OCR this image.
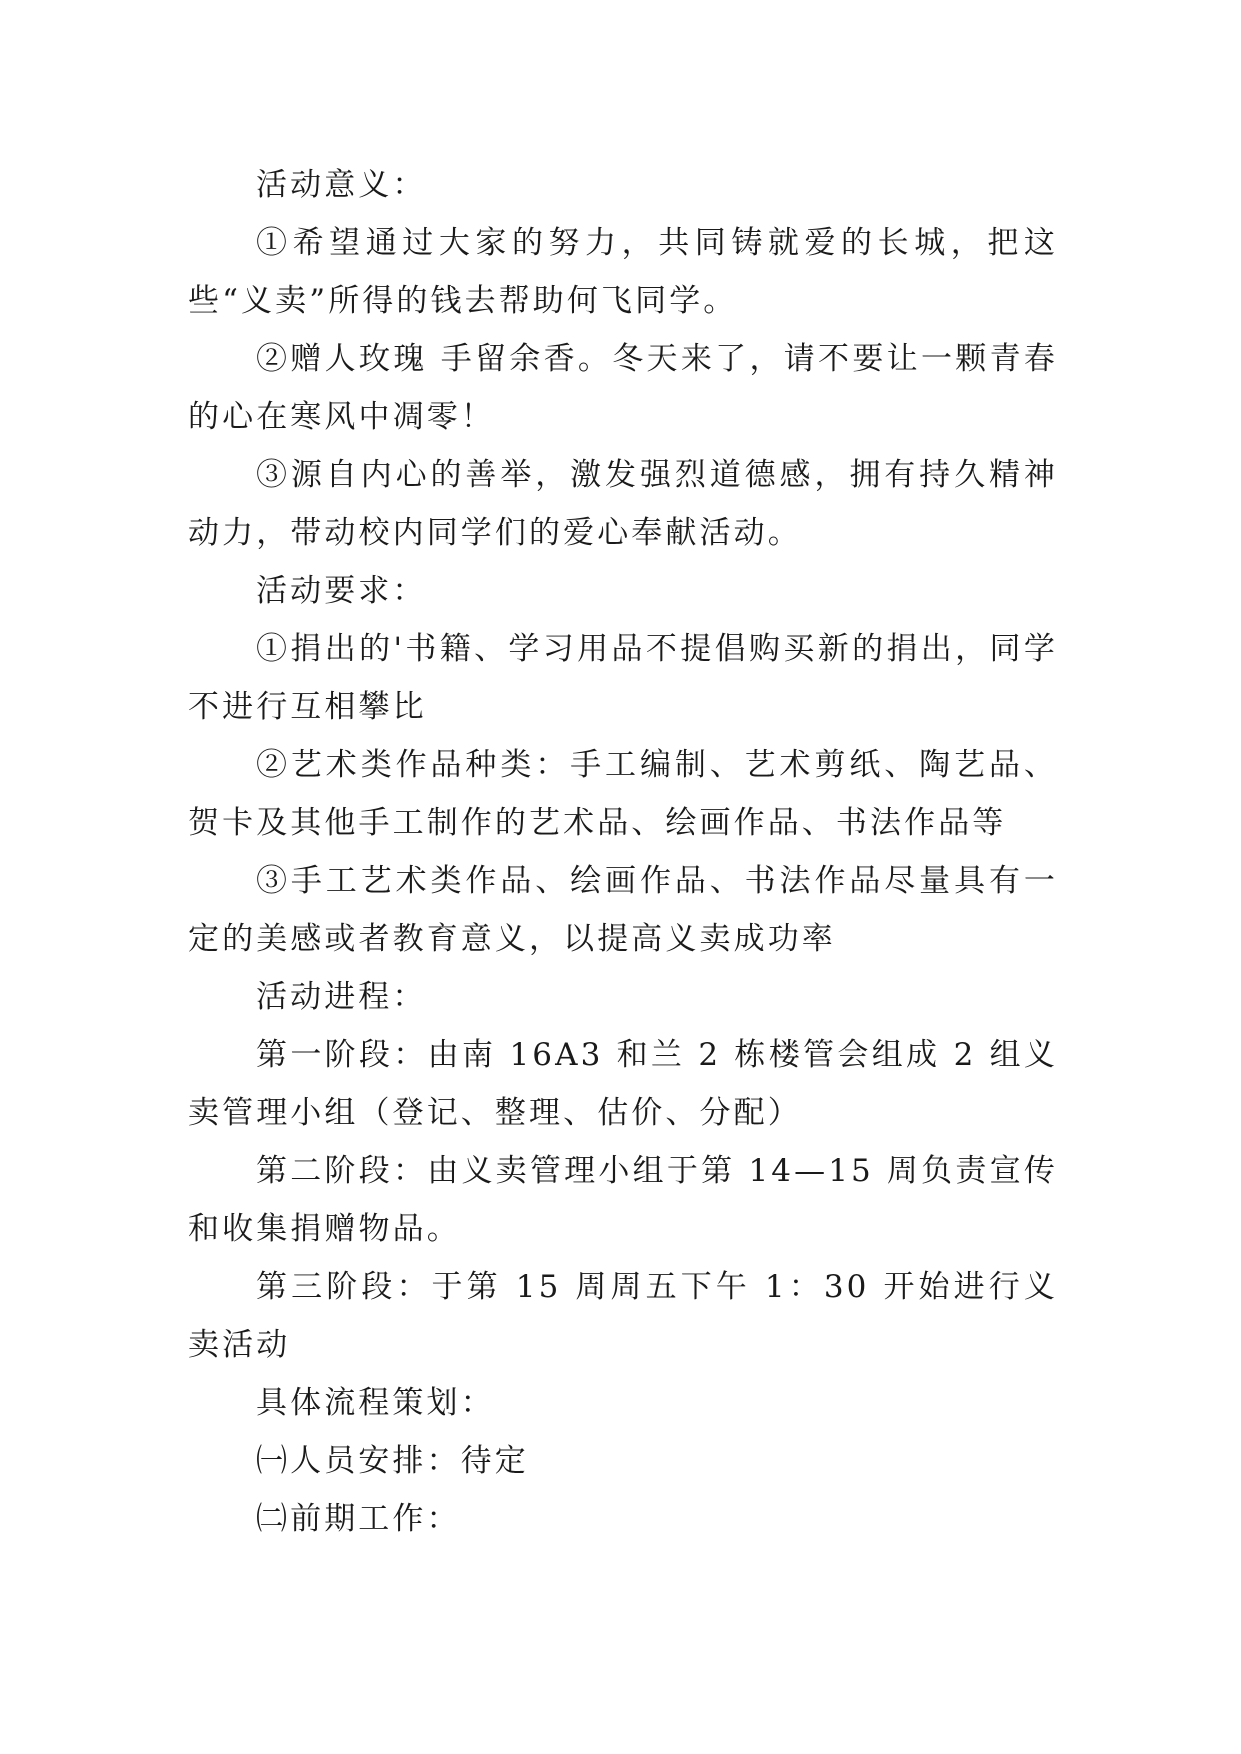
活动意义：

①希望通过大家的努力，共同铸就爱的长城，把这些“义卖”所得的钱去帮助何飞同学。

②赠人玫瑰 手留余香。冬天来了，请不要让一颗青春的心在寒风中凋零！

③源自内心的善举，激发强烈道德感，拥有持久精神动力，带动校内同学们的爱心奉献活动。

活动要求：

①捐出的'书籍、学习用品不提倡购买新的捐出，同学不进行互相攀比

②艺术类作品种类：手工编制、艺术剪纸、陶艺品、贺卡及其他手工制作的艺术品、绘画作品、书法作品等

③手工艺术类作品、绘画作品、书法作品尽量具有一定的美感或者教育意义，以提高义卖成功率

活动进程：

第一阶段：由南 16A3 和兰 2 栋楼管会组成 2 组义卖管理小组（登记、整理、估价、分配）

第二阶段：由义卖管理小组于第 14—15 周负责宣传和收集捐赠物品。

第三阶段：于第 15 周周五下午 1：30 开始进行义卖活动

具体流程策划：

㈠人员安排：待定

㈡前期工作：
